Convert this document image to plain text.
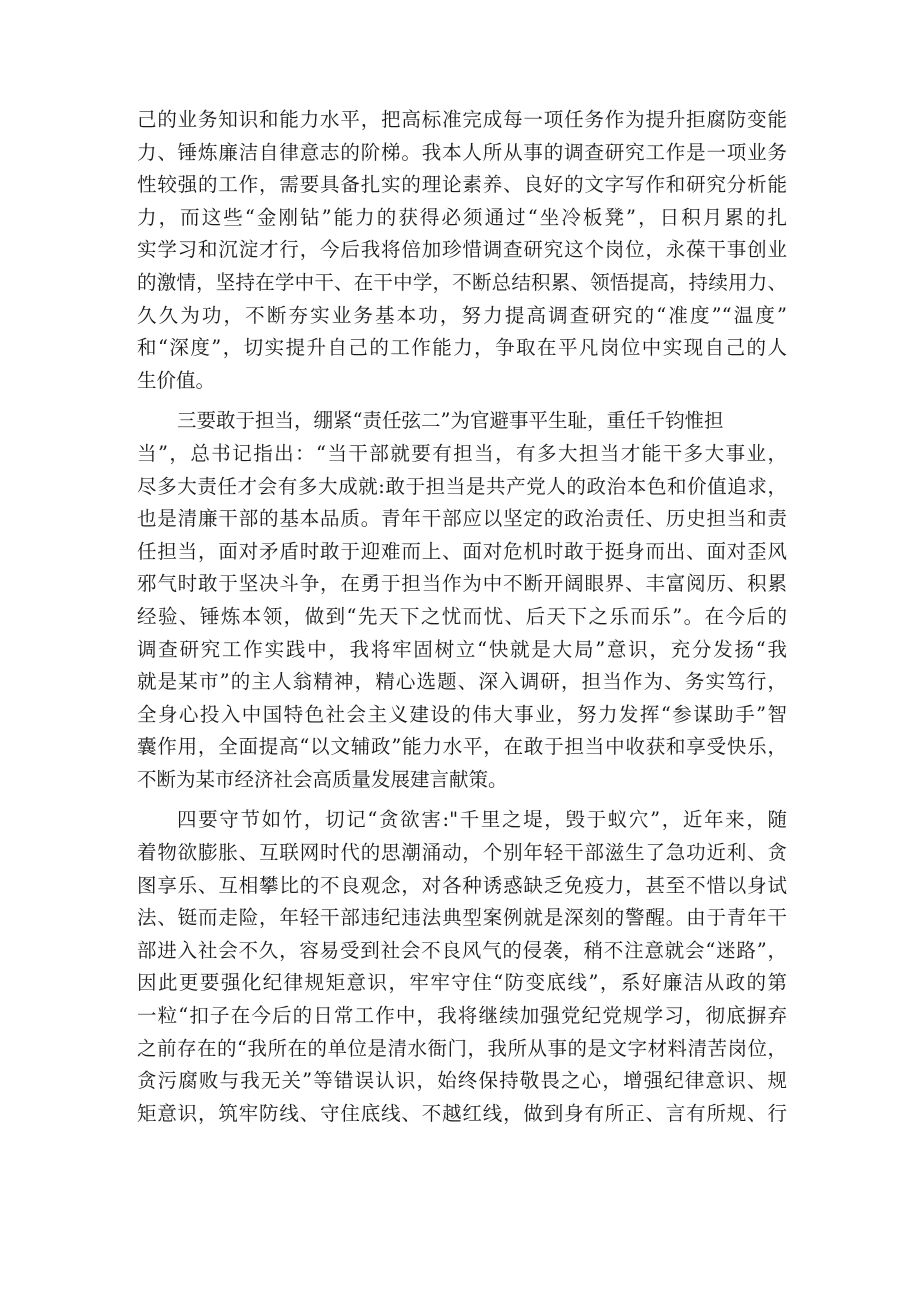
己的业务知识和能力水平，把高标准完成每一项任务作为提升拒腐防变能
力、锤炼廉洁自律意志的阶梯。我本人所从事的调查研究工作是一项业务
性较强的工作，需要具备扎实的理论素养、良好的文字写作和研究分析能
力，而这些“金刚钻”能力的获得必须通过“坐冷板凳”，日积月累的扎
实学习和沉淀才行，今后我将倍加珍惜调查研究这个岗位，永葆干事创业
的激情，坚持在学中干、在干中学，不断总结积累、领悟提高，持续用力、
久久为功，不断夯实业务基本功，努力提高调查研究的“准度”“温度”
和“深度”，切实提升自己的工作能力，争取在平凡岗位中实现自己的人
生价值。
三要敢于担当，绷紧“责任弦二”为官避事平生耻，重任千钧惟担
当”，总书记指出：“当干部就要有担当，有多大担当才能干多大事业，
尽多大责任才会有多大成就:敢于担当是共产党人的政治本色和价值追求，
也是清廉干部的基本品质。青年干部应以坚定的政治责任、历史担当和责
任担当，面对矛盾时敢于迎难而上、面对危机时敢于挺身而出、面对歪风
邪气时敢于坚决斗争，在勇于担当作为中不断开阔眼界、丰富阅历、积累
经验、锤炼本领，做到“先天下之忧而忧、后天下之乐而乐”。在今后的
调查研究工作实践中，我将牢固树立“快就是大局”意识，充分发扬“我
就是某市”的主人翁精神，精心选题、深入调研，担当作为、务实笃行，
全身心投入中国特色社会主义建设的伟大事业，努力发挥“参谋助手”智
囊作用，全面提高“以文辅政”能力水平，在敢于担当中收获和享受快乐，
不断为某市经济社会高质量发展建言献策。
四要守节如竹，切记“贪欲害:"千里之堤，毁于蚁穴”，近年来，随
着物欲膨胀、互联网时代的思潮涌动，个别年轻干部滋生了急功近利、贪
图享乐、互相攀比的不良观念，对各种诱惑缺乏免疫力，甚至不惜以身试
法、铤而走险，年轻干部违纪违法典型案例就是深刻的警醒。由于青年干
部进入社会不久，容易受到社会不良风气的侵袭，稍不注意就会“迷路”，
因此更要强化纪律规矩意识，牢牢守住“防变底线”，系好廉洁从政的第
一粒“扣子在今后的日常工作中，我将继续加强党纪党规学习，彻底摒弃
之前存在的“我所在的单位是清水衙门，我所从事的是文字材料清苦岗位，
贪污腐败与我无关”等错误认识，始终保持敬畏之心，增强纪律意识、规
矩意识，筑牢防线、守住底线、不越红线，做到身有所正、言有所规、行
